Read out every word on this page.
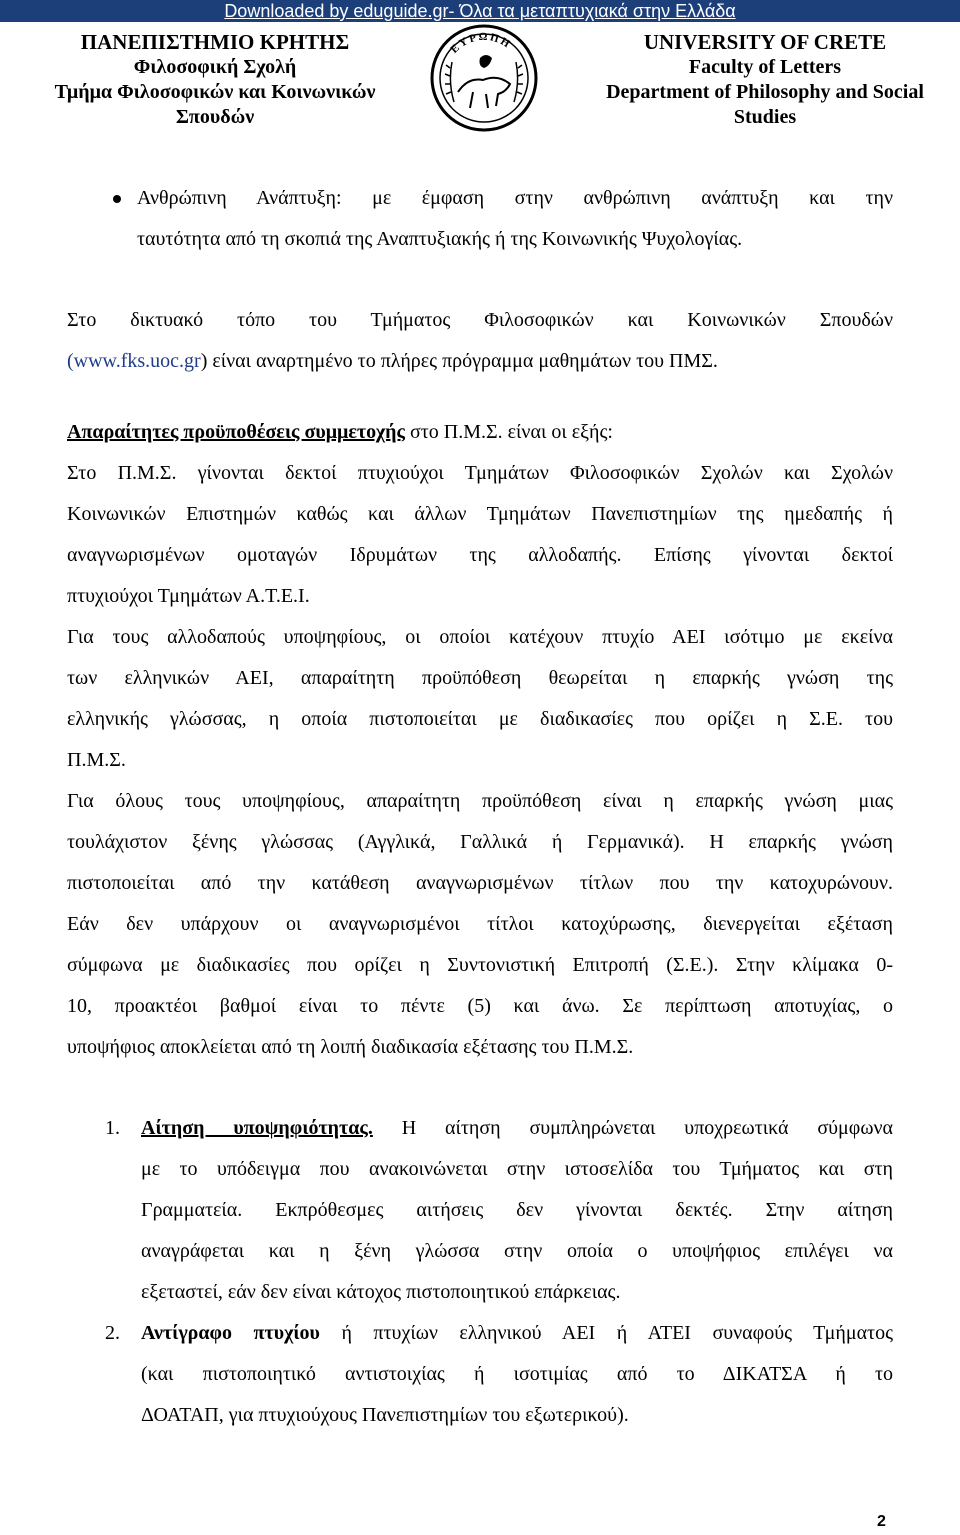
Downloaded by eduguide.gr- Όλα τα μεταπτυχιακά στην Ελλάδα
ΠΑΝΕΠΙΣΤΗΜΙΟ ΚΡΗΤΗΣ
Φιλοσοφική Σχολή
Τμήμα Φιλοσοφικών και Κοινωνικών
Σπουδών
ΕΥΡΩΠΗ	UNIVERSITY OF CRETE
Faculty of Letters
Department of Philosophy and Social
Studies
Ανθρώπινη Ανάπτυξη: με έμφαση στην ανθρώπινη ανάπτυξη και την
ταυτότητα από τη σκοπιά της Αναπτυξιακής ή της Κοινωνικής Ψυχολογίας.
Στο δικτυακό τόπο του Τμήματος Φιλοσοφικών και Κοινωνικών Σπουδών
(www.fks.uoc.gr) είναι αναρτημένο το πλήρες πρόγραμμα μαθημάτων του ΠΜΣ.
Απαραίτητες προϋποθέσεις συμμετοχής στο Π.Μ.Σ. είναι οι εξής:
Στο Π.Μ.Σ. γίνονται δεκτοί πτυχιούχοι Τμημάτων Φιλοσοφικών Σχολών και Σχολών
Κοινωνικών Επιστημών καθώς και άλλων Τμημάτων Πανεπιστημίων της ημεδαπής ή
αναγνωρισμένων ομοταγών Ιδρυμάτων της αλλοδαπής. Επίσης γίνονται δεκτοί
πτυχιούχοι Τμημάτων Α.Τ.Ε.Ι.
Για τους αλλοδαπούς υποψηφίους, οι οποίοι κατέχουν πτυχίο ΑΕΙ ισότιμο με εκείνα
των ελληνικών ΑΕΙ, απαραίτητη προϋπόθεση θεωρείται η επαρκής γνώση της
ελληνικής γλώσσας, η οποία πιστοποιείται με διαδικασίες που ορίζει η Σ.Ε. του
Π.Μ.Σ.
Για όλους τους υποψηφίους, απαραίτητη προϋπόθεση είναι η επαρκής γνώση μιας
τουλάχιστον ξένης γλώσσας (Αγγλικά, Γαλλικά ή Γερμανικά). Η επαρκής γνώση
πιστοποιείται από την κατάθεση αναγνωρισμένων τίτλων που την κατοχυρώνουν.
Εάν δεν υπάρχουν οι αναγνωρισμένοι τίτλοι κατοχύρωσης, διενεργείται εξέταση
σύμφωνα με διαδικασίες που ορίζει η Συντονιστική Επιτροπή (Σ.Ε.). Στην κλίμακα 0-
10, προακτέοι βαθμοί είναι το πέντε (5) και άνω. Σε περίπτωση αποτυχίας, ο
υποψήφιος αποκλείεται από τη λοιπή διαδικασία εξέτασης του Π.Μ.Σ.
1. Αίτηση υποψηφιότητας. Η αίτηση συμπληρώνεται υποχρεωτικά σύμφωνα
με το υπόδειγμα που ανακοινώνεται στην ιστοσελίδα του Τμήματος και στη
Γραμματεία. Εκπρόθεσμες αιτήσεις δεν γίνονται δεκτές. Στην αίτηση
αναγράφεται και η ξένη γλώσσα στην οποία ο υποψήφιος επιλέγει να
εξεταστεί, εάν δεν είναι κάτοχος πιστοποιητικού επάρκειας.
2. Αντίγραφο πτυχίου ή πτυχίων ελληνικού ΑΕΙ ή ΑΤΕΙ συναφούς Τμήματος
(και πιστοποιητικό αντιστοιχίας ή ισοτιμίας από το ΔΙΚΑΤΣΑ ή το
ΔΟΑΤΑΠ, για πτυχιούχους Πανεπιστημίων του εξωτερικού).
2
